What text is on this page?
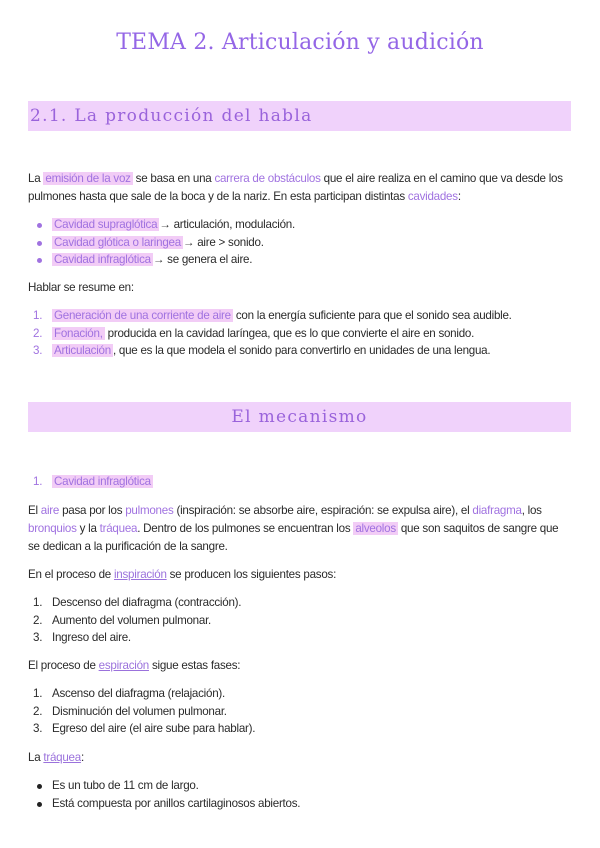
TEMA 2. Articulación y audición
2.1. La producción del habla
La emisión de la voz se basa en una carrera de obstáculos que el aire realiza en el camino que va desde los pulmones hasta que sale de la boca y de la nariz. En esta participan distintas cavidades:
Cavidad supraglótica → articulación, modulación.
Cavidad glótica o laringea → aire > sonido.
Cavidad infraglótica → se genera el aire.
Hablar se resume en:
1. Generación de una corriente de aire con la energía suficiente para que el sonido sea audible.
2. Fonación, producida en la cavidad laríngea, que es lo que convierte el aire en sonido.
3. Articulación , que es la que modela el sonido para convertirlo en unidades de una lengua.
El mecanismo
1. Cavidad infraglótica
El aire pasa por los pulmones (inspiración: se absorbe aire, espiración: se expulsa aire), el diafragma, los bronquios y la tráquea. Dentro de los pulmones se encuentran los alveolos que son saquitos de sangre que se dedican a la purificación de la sangre.
En el proceso de inspiración se producen los siguientes pasos:
1. Descenso del diafragma (contracción).
2. Aumento del volumen pulmonar.
3. Ingreso del aire.
El proceso de espiración sigue estas fases:
1. Ascenso del diafragma (relajación).
2. Disminución del volumen pulmonar.
3. Egreso del aire (el aire sube para hablar).
La tráquea:
Es un tubo de 11 cm de largo.
Está compuesta por anillos cartilaginosos abiertos.
